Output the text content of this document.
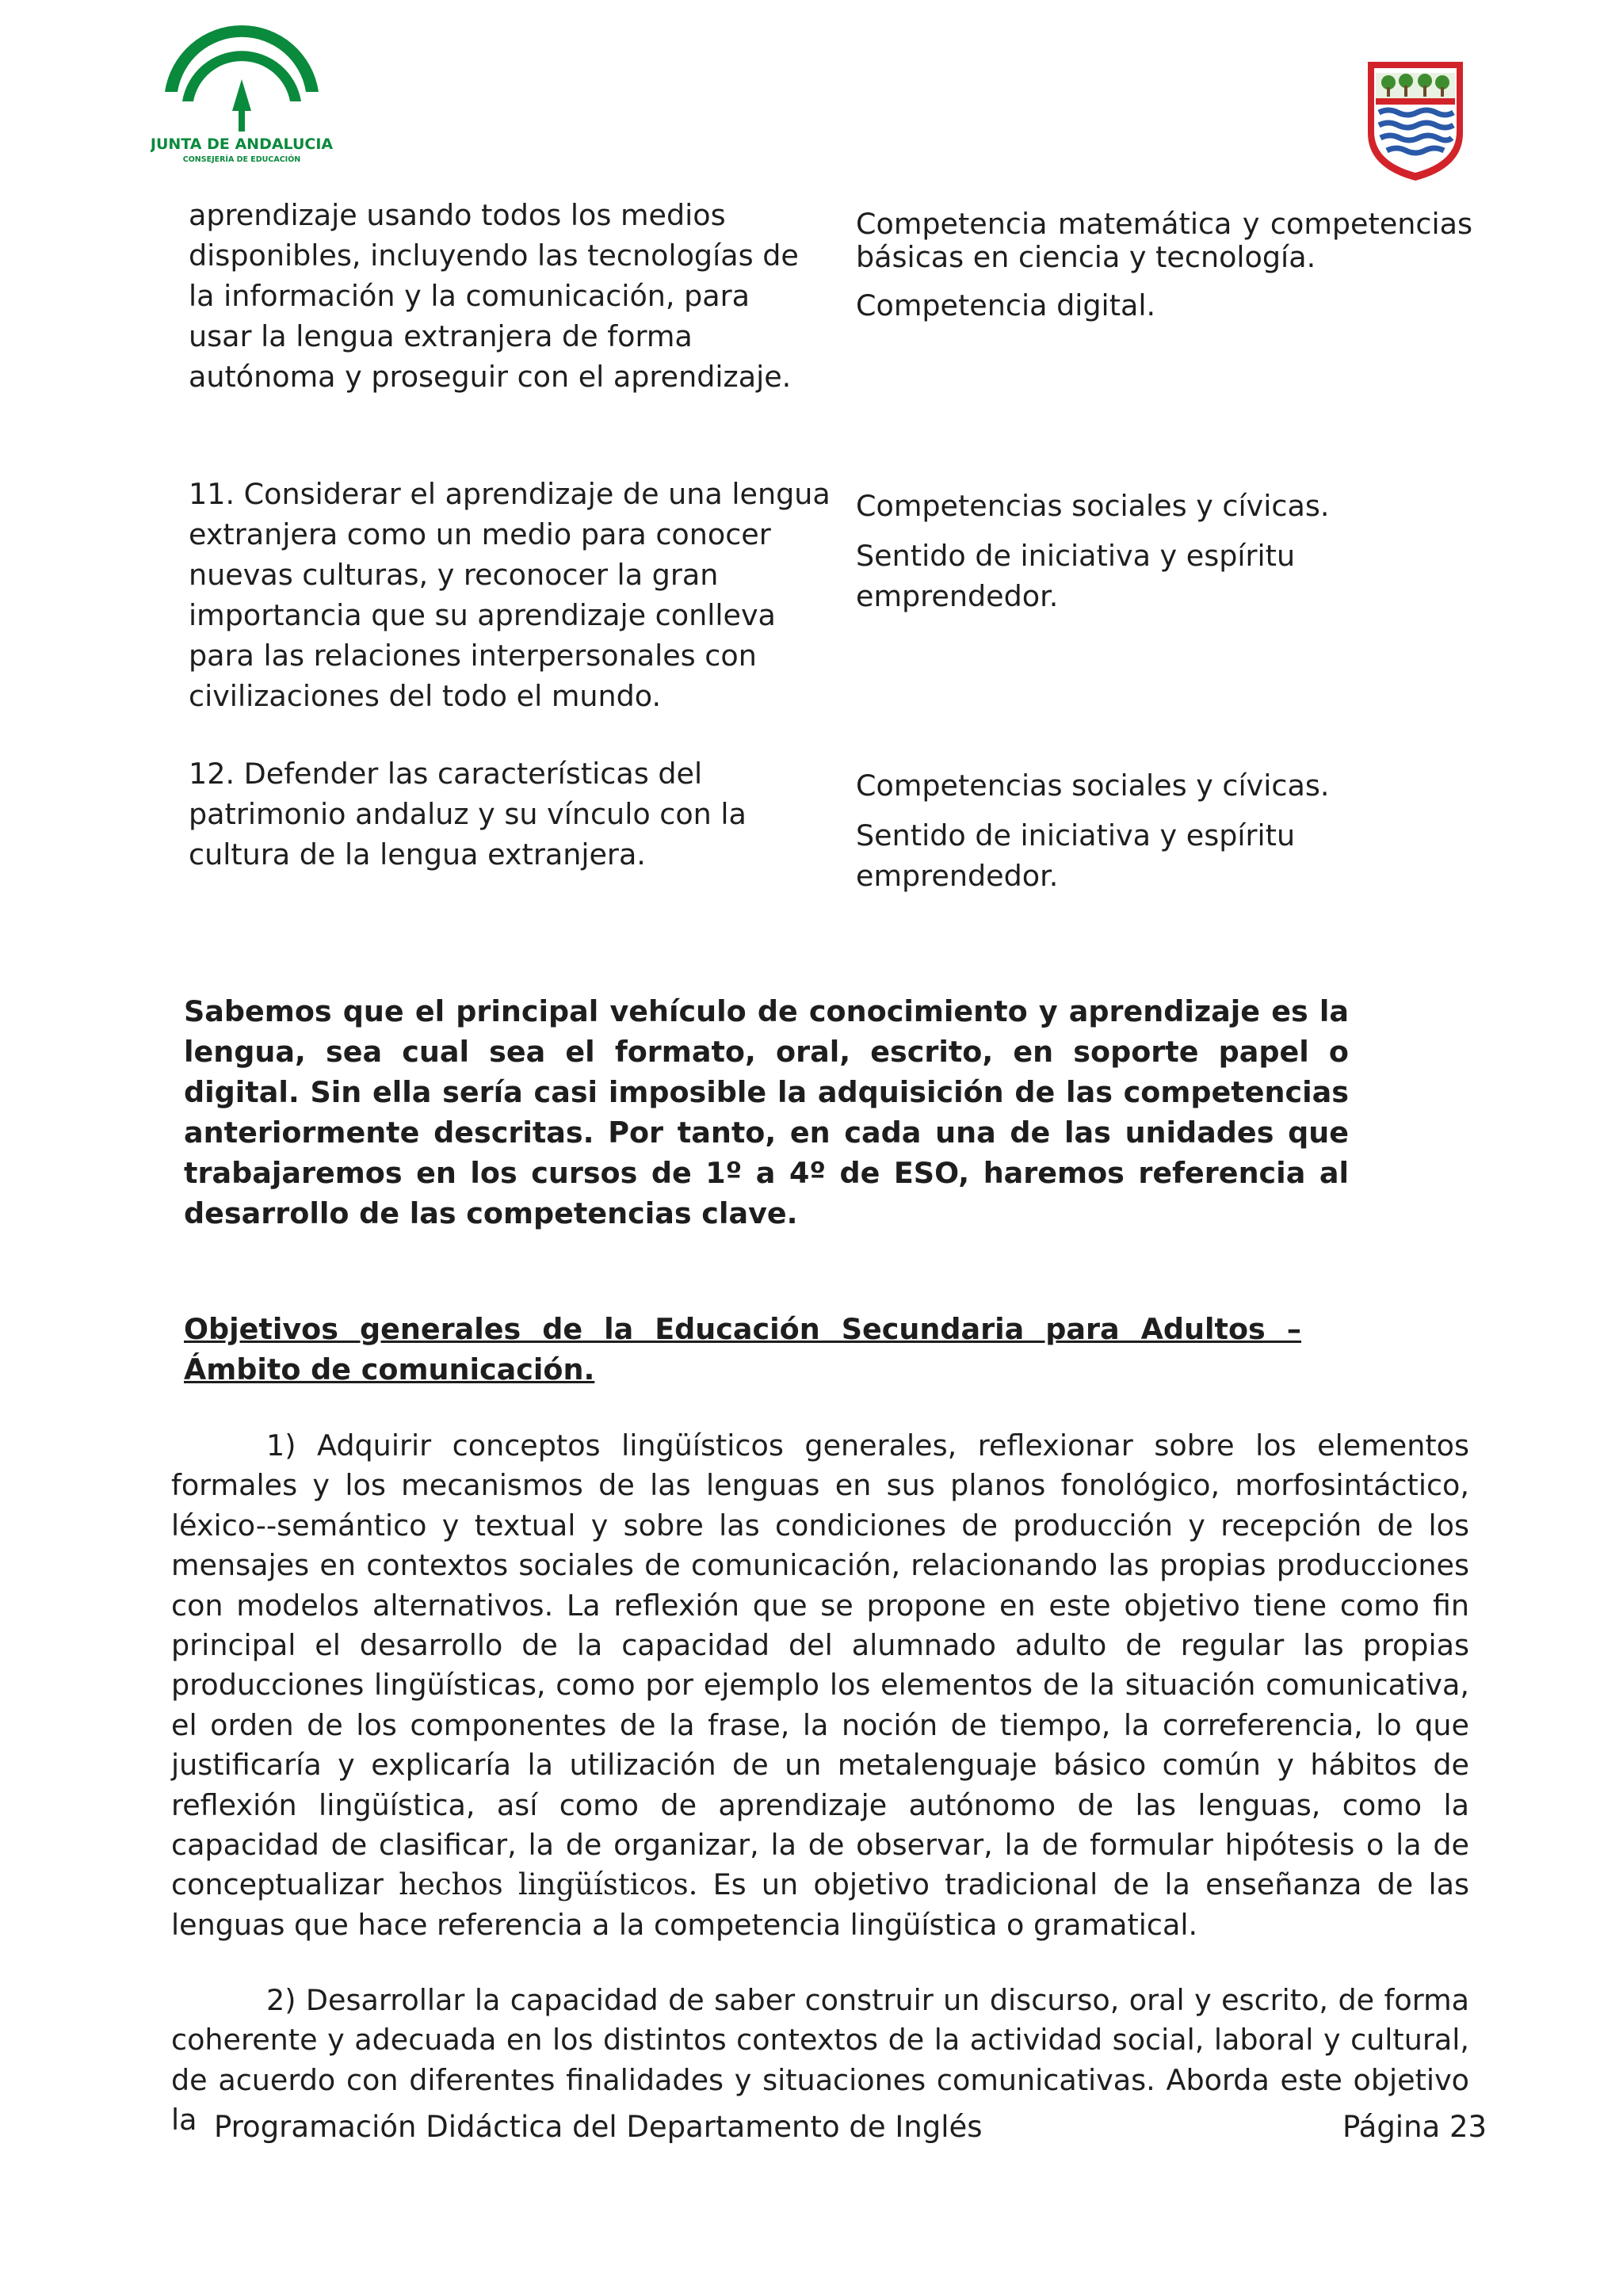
JUNTA DE ANDALUCIA
CONSEJERÍA DE EDUCACIÓN

aprendizaje usando todos los medios disponibles, incluyendo las tecnologías de la información y la comunicación, para usar la lengua extranjera de forma autónoma y proseguir con el aprendizaje.

Competencia matemática y competencias básicas en ciencia y tecnología.

Competencia digital.

11. Considerar el aprendizaje de una lengua extranjera como un medio para conocer nuevas culturas, y reconocer la gran importancia que su aprendizaje conlleva para las relaciones interpersonales con civilizaciones del todo el mundo.

Competencias sociales y cívicas.

Sentido de iniciativa y espíritu emprendedor.

12. Defender las características del patrimonio andaluz y su vínculo con la cultura de la lengua extranjera.

Competencias sociales y cívicas.

Sentido de iniciativa y espíritu emprendedor.

Sabemos que el principal vehículo de conocimiento y aprendizaje es la lengua, sea cual sea el formato, oral, escrito, en soporte papel o digital. Sin ella sería casi imposible la adquisición de las competencias anteriormente descritas. Por tanto, en cada una de las unidades que trabajaremos en los cursos de 1º a 4º de ESO, haremos referencia al desarrollo de las competencias clave.
Objetivos generales de la Educación Secundaria para Adultos – Ámbito de comunicación.

1) Adquirir conceptos lingüísticos generales, reflexionar sobre los elementos formales y los mecanismos de las lenguas en sus planos fonológico, morfosintáctico, léxico--semántico y textual y sobre las condiciones de producción y recepción de los mensajes en contextos sociales de comunicación, relacionando las propias producciones con modelos alternativos. La reflexión que se propone en este objetivo tiene como fin principal el desarrollo de la capacidad del alumnado adulto de regular las propias producciones lingüísticas, como por ejemplo los elementos de la situación comunicativa, el orden de los componentes de la frase, la noción de tiempo, la correferencia, lo que justificaría y explicaría la utilización de un metalenguaje básico común y hábitos de reflexión lingüística, así como de aprendizaje autónomo de las lenguas, como la capacidad de clasificar, la de organizar, la de observar, la de formular hipótesis o la de conceptualizar hechos lingüísticos. Es un objetivo tradicional de la enseñanza de las lenguas que hace referencia a la competencia lingüística o gramatical.

2) Desarrollar la capacidad de saber construir un discurso, oral y escrito, de forma coherente y adecuada en los distintos contextos de la actividad social, laboral y cultural, de acuerdo con diferentes finalidades y situaciones comunicativas. Aborda este objetivo la Programación Didáctica del Departamento de Inglés	Página 23
